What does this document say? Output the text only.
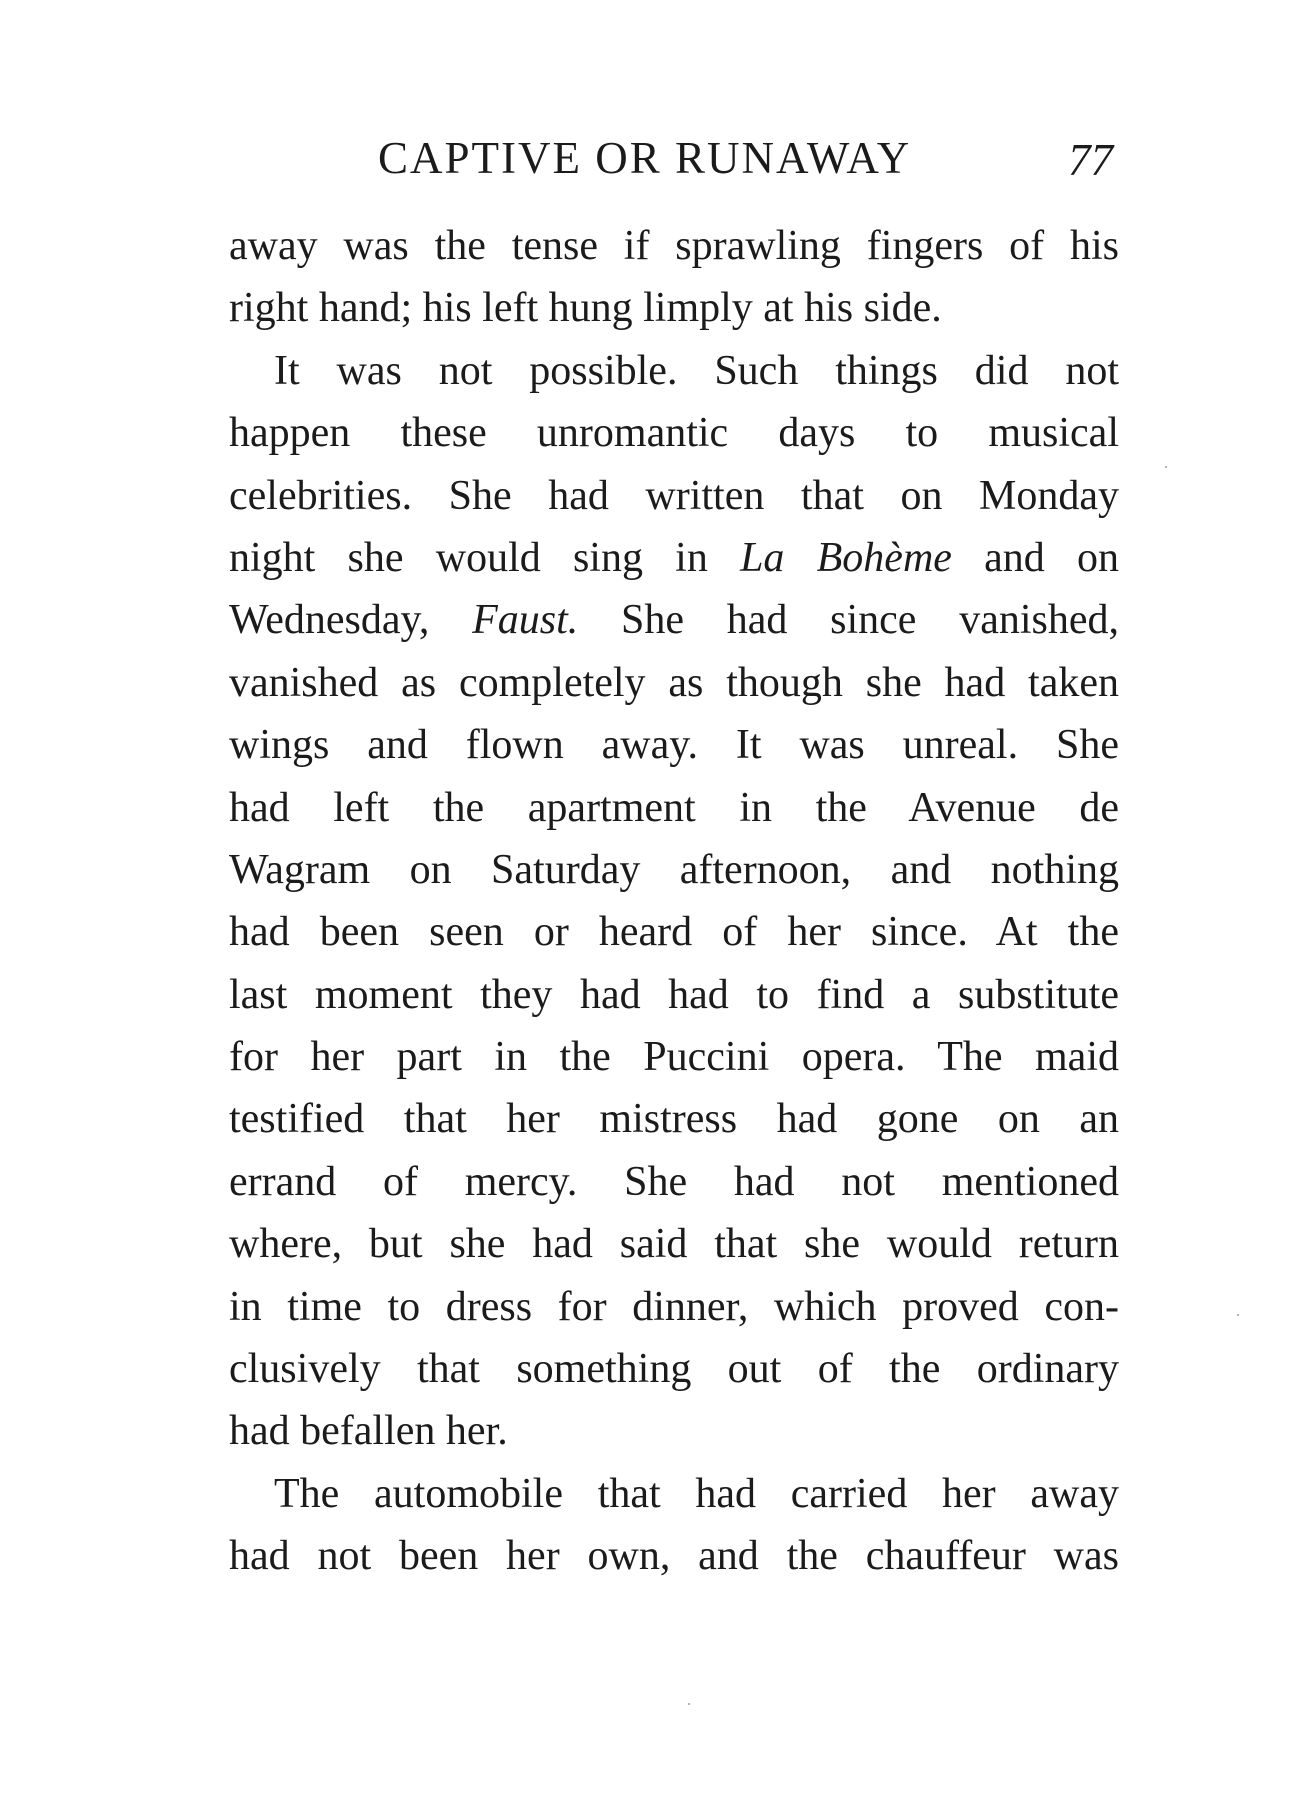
CAPTIVE OR RUNAWAY	77
away was the tense if sprawling fingers of his
right hand; his left hung limply at his side.
It was not possible. Such things did not
happen these unromantic days to musical
celebrities. She had written that on Monday
night she would sing in La Bohème and on
Wednesday, Faust. She had since vanished,
vanished as completely as though she had taken
wings and flown away. It was unreal. She
had left the apartment in the Avenue de
Wagram on Saturday afternoon, and nothing
had been seen or heard of her since. At the
last moment they had had to find a substitute
for her part in the Puccini opera. The maid
testified that her mistress had gone on an
errand of mercy. She had not mentioned
where, but she had said that she would return
in time to dress for dinner, which proved con-
clusively that something out of the ordinary
had befallen her.
The automobile that had carried her away
had not been her own, and the chauffeur was
